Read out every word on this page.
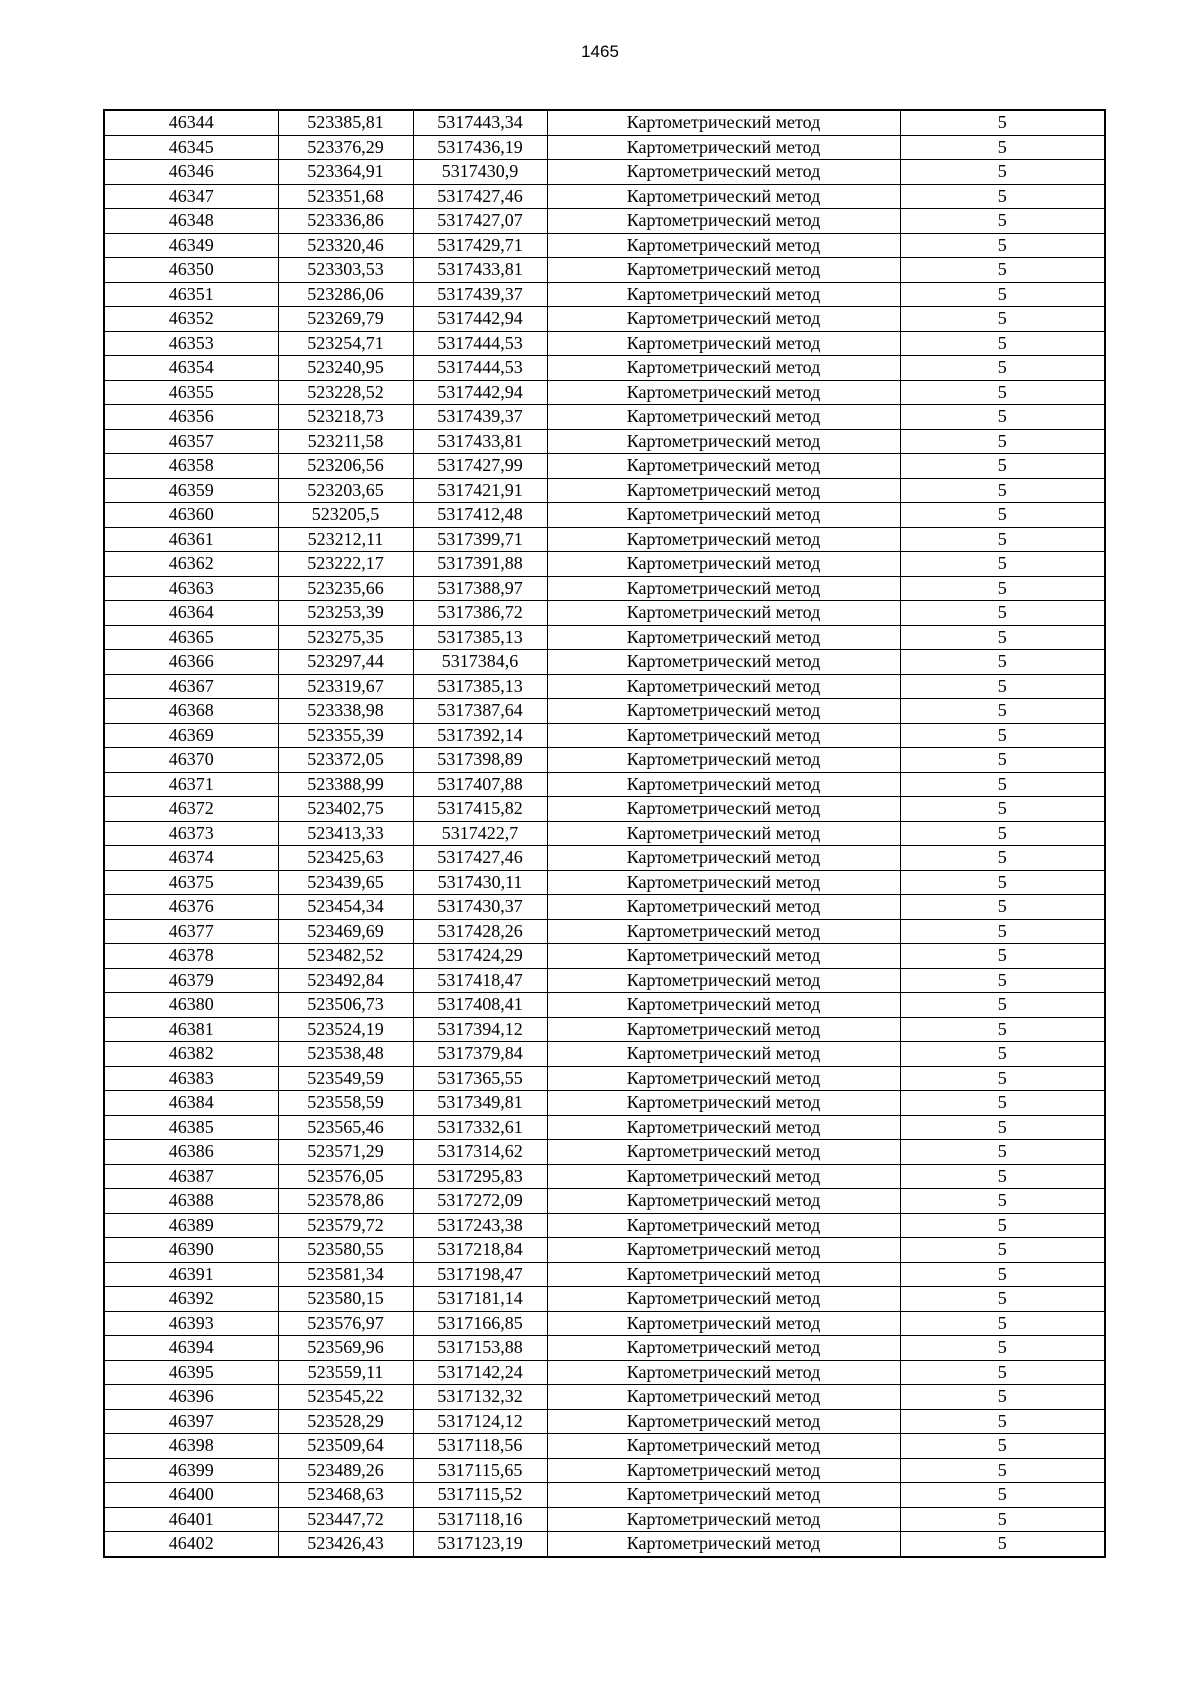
1465
46344	523385,81	5317443,34	Картометрический метод	5
46345	523376,29	5317436,19	Картометрический метод	5
46346	523364,91	5317430,9	Картометрический метод	5
46347	523351,68	5317427,46	Картометрический метод	5
46348	523336,86	5317427,07	Картометрический метод	5
46349	523320,46	5317429,71	Картометрический метод	5
46350	523303,53	5317433,81	Картометрический метод	5
46351	523286,06	5317439,37	Картометрический метод	5
46352	523269,79	5317442,94	Картометрический метод	5
46353	523254,71	5317444,53	Картометрический метод	5
46354	523240,95	5317444,53	Картометрический метод	5
46355	523228,52	5317442,94	Картометрический метод	5
46356	523218,73	5317439,37	Картометрический метод	5
46357	523211,58	5317433,81	Картометрический метод	5
46358	523206,56	5317427,99	Картометрический метод	5
46359	523203,65	5317421,91	Картометрический метод	5
46360	523205,5	5317412,48	Картометрический метод	5
46361	523212,11	5317399,71	Картометрический метод	5
46362	523222,17	5317391,88	Картометрический метод	5
46363	523235,66	5317388,97	Картометрический метод	5
46364	523253,39	5317386,72	Картометрический метод	5
46365	523275,35	5317385,13	Картометрический метод	5
46366	523297,44	5317384,6	Картометрический метод	5
46367	523319,67	5317385,13	Картометрический метод	5
46368	523338,98	5317387,64	Картометрический метод	5
46369	523355,39	5317392,14	Картометрический метод	5
46370	523372,05	5317398,89	Картометрический метод	5
46371	523388,99	5317407,88	Картометрический метод	5
46372	523402,75	5317415,82	Картометрический метод	5
46373	523413,33	5317422,7	Картометрический метод	5
46374	523425,63	5317427,46	Картометрический метод	5
46375	523439,65	5317430,11	Картометрический метод	5
46376	523454,34	5317430,37	Картометрический метод	5
46377	523469,69	5317428,26	Картометрический метод	5
46378	523482,52	5317424,29	Картометрический метод	5
46379	523492,84	5317418,47	Картометрический метод	5
46380	523506,73	5317408,41	Картометрический метод	5
46381	523524,19	5317394,12	Картометрический метод	5
46382	523538,48	5317379,84	Картометрический метод	5
46383	523549,59	5317365,55	Картометрический метод	5
46384	523558,59	5317349,81	Картометрический метод	5
46385	523565,46	5317332,61	Картометрический метод	5
46386	523571,29	5317314,62	Картометрический метод	5
46387	523576,05	5317295,83	Картометрический метод	5
46388	523578,86	5317272,09	Картометрический метод	5
46389	523579,72	5317243,38	Картометрический метод	5
46390	523580,55	5317218,84	Картометрический метод	5
46391	523581,34	5317198,47	Картометрический метод	5
46392	523580,15	5317181,14	Картометрический метод	5
46393	523576,97	5317166,85	Картометрический метод	5
46394	523569,96	5317153,88	Картометрический метод	5
46395	523559,11	5317142,24	Картометрический метод	5
46396	523545,22	5317132,32	Картометрический метод	5
46397	523528,29	5317124,12	Картометрический метод	5
46398	523509,64	5317118,56	Картометрический метод	5
46399	523489,26	5317115,65	Картометрический метод	5
46400	523468,63	5317115,52	Картометрический метод	5
46401	523447,72	5317118,16	Картометрический метод	5
46402	523426,43	5317123,19	Картометрический метод	5
